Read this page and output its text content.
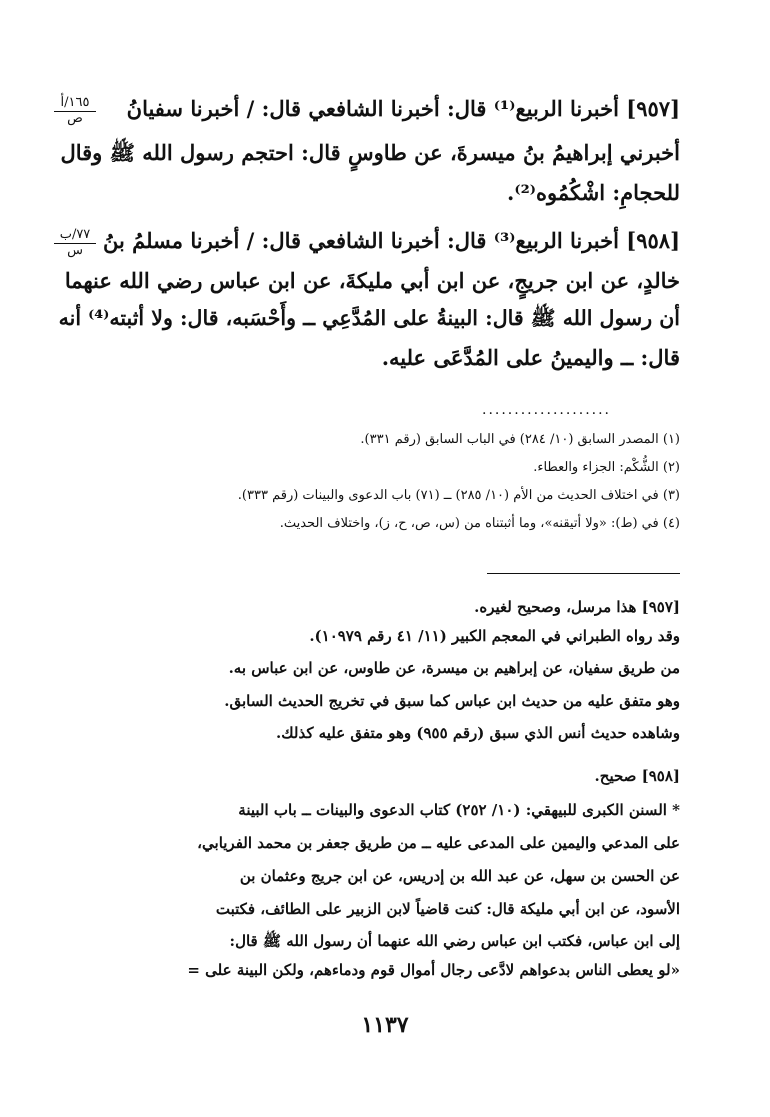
١٦٥/أ
ص
٧٧/ب
س
[٩٥٧] أخبرنا الربيع⁽¹⁾ قال: أخبرنا الشافعي قال: / أخبرنا سفيانُ
أخبرني إبراهيمُ بنُ ميسرةَ، عن طاوسٍ قال: احتجم رسول الله ﷺ وقال
للحجامِ: اشْكُمُوه⁽²⁾.
[٩٥٨] أخبرنا الربيع⁽³⁾ قال: أخبرنا الشافعي قال: / أخبرنا مسلمُ بنُ
خالدٍ، عن ابن جريجٍ، عن ابن أبي مليكةَ، عن ابن عباس رضي الله عنهما
أن رسول الله ﷺ قال: البينةُ على المُدَّعِي ــ وأَحْسَبه، قال: ولا أثبته⁽⁴⁾ أنه
قال: ــ واليمينُ على المُدَّعَى عليه.
....................
(١) المصدر السابق (١٠/ ٢٨٤) في الباب السابق (رقم ٣٣١).
(٢) الشُّكْم: الجزاء والعطاء.
(٣) في اختلاف الحديث من الأم (١٠/ ٢٨٥) ــ (٧١) باب الدعوى والبينات (رقم ٣٣٣).
(٤) في (ط): «ولا أتيقنه»، وما أثبتناه من (س، ص، ح، ز)، واختلاف الحديث.
[٩٥٧] هذا مرسل، وصحيح لغيره.
وقد رواه الطبراني في المعجم الكبير (١١/ ٤١ رقم ١٠٩٧٩).
من طريق سفيان، عن إبراهيم بن ميسرة، عن طاوس، عن ابن عباس به.
وهو متفق عليه من حديث ابن عباس كما سبق في تخريج الحديث السابق.
وشاهده حديث أنس الذي سبق (رقم ٩٥٥) وهو متفق عليه كذلك.
[٩٥٨] صحيح.
* السنن الكبرى للبيهقي: (١٠/ ٢٥٢) كتاب الدعوى والبينات ــ باب البينة
على المدعي واليمين على المدعى عليه ــ من طريق جعفر بن محمد الفريابي،
عن الحسن بن سهل، عن عبد الله بن إدريس، عن ابن جريج وعثمان بن
الأسود، عن ابن أبي مليكة قال: كنت قاضياً لابن الزبير على الطائف، فكتبت
إلى ابن عباس، فكتب ابن عباس رضي الله عنهما أن رسول الله ﷺ قال:
«لو يعطى الناس بدعواهم لادَّعى رجال أموال قوم ودماءهم، ولكن البينة على =
١١٣٧
